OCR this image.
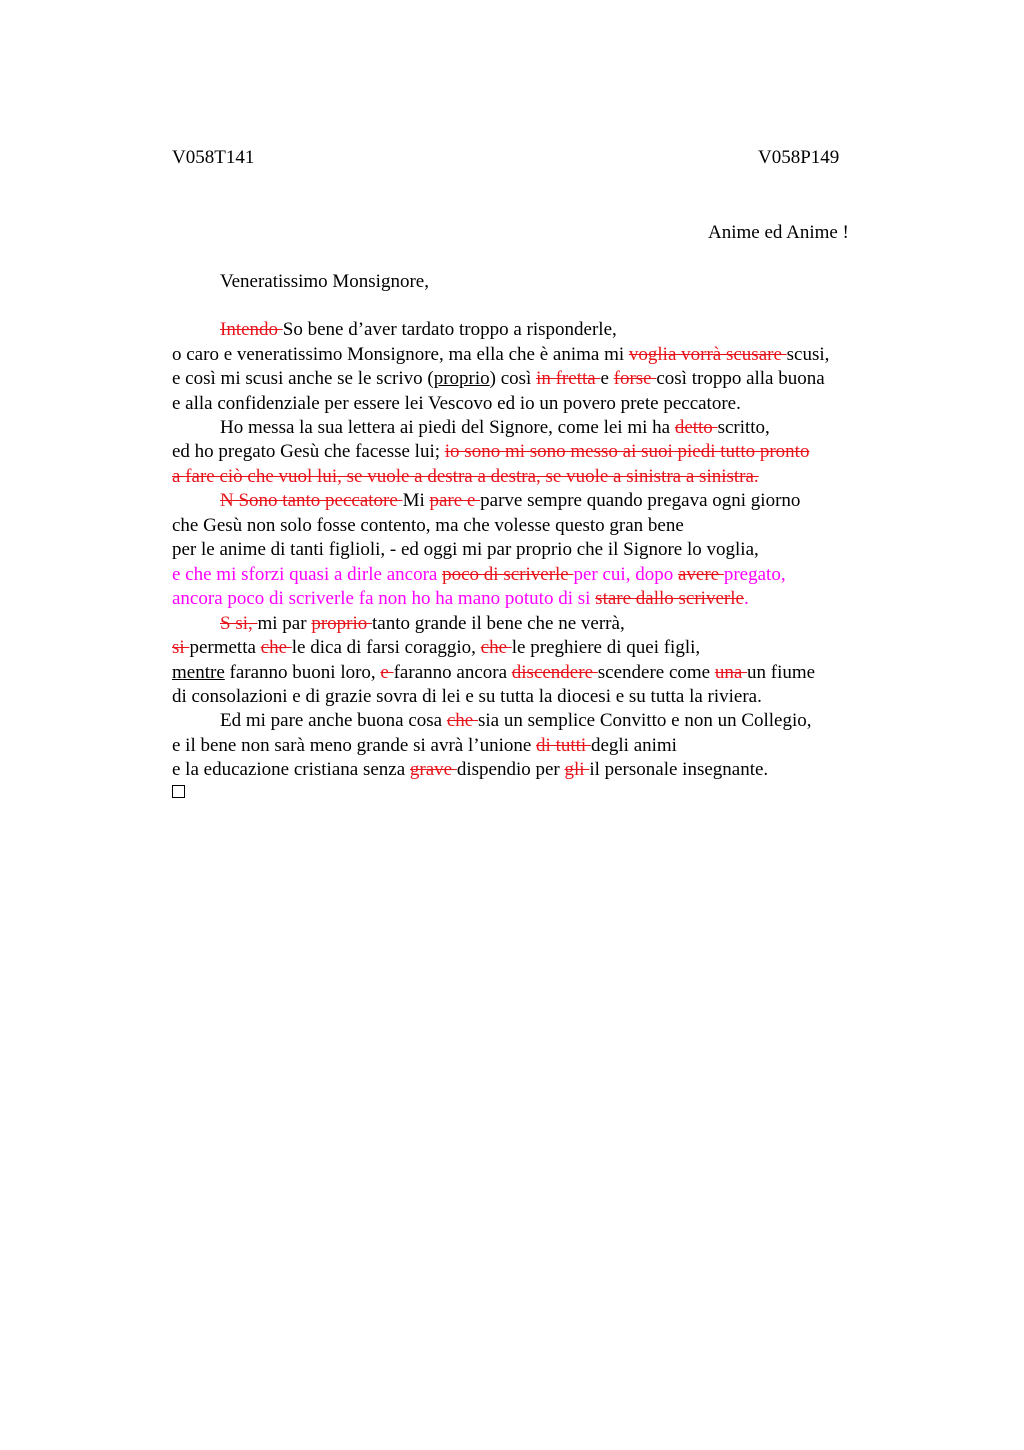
V058T141	V058P149
Anime ed Anime !
Veneratissimo Monsignore,
Intendo So bene d’aver tardato troppo a risponderle,
o caro e veneratissimo Monsignore, ma ella che è anima mi voglia vorrà scusare scusi,
e così mi scusi anche se le scrivo (proprio) così in fretta e forse così troppo alla buona
e alla confidenziale per essere lei Vescovo ed io un povero prete peccatore.
Ho messa la sua lettera ai piedi del Signore, come lei mi ha detto scritto,
ed ho pregato Gesù che facesse lui; io sono mi sono messo ai suoi piedi tutto pronto
a fare ciò che vuol lui, se vuole a destra a destra, se vuole a sinistra a sinistra.
N Sono tanto peccatore Mi pare e parve sempre quando pregava ogni giorno
che Gesù non solo fosse contento, ma che volesse questo gran bene
per le anime di tanti figlioli, - ed oggi mi par proprio che il Signore lo voglia,
e che mi sforzi quasi a dirle ancora poco di scriverle per cui, dopo avere pregato,
ancora poco di scriverle fa non ho ha mano potuto di si stare dallo scriverle.
S si, mi par proprio tanto grande il bene che ne verrà,
si permetta che le dica di farsi coraggio, che le preghiere di quei figli,
mentre faranno buoni loro, e faranno ancora discendere scendere come una un fiume
di consolazioni e di grazie sovra di lei e su tutta la diocesi e su tutta la riviera.
Ed mi pare anche buona cosa che sia un semplice Convitto e non un Collegio,
e il bene non sarà meno grande si avrà l’unione di tutti degli animi
e la educazione cristiana senza grave dispendio per gli il personale insegnante.
